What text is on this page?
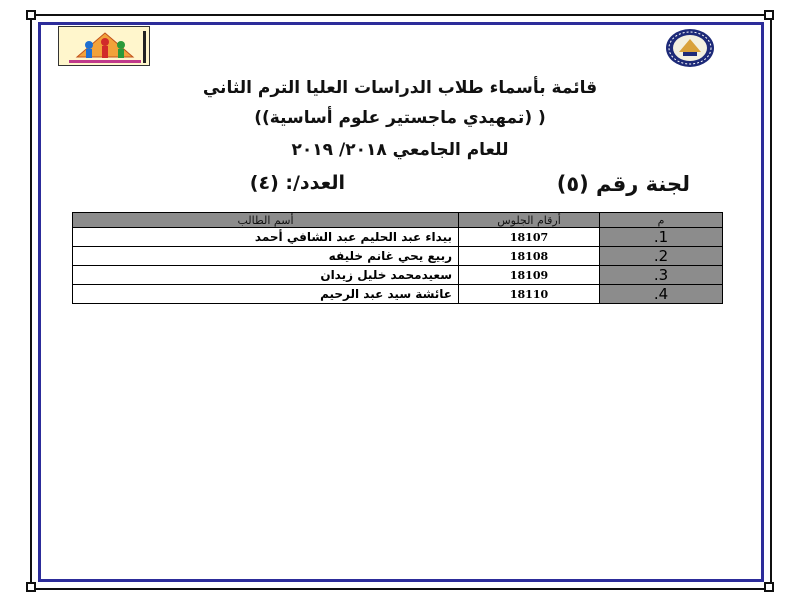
قائمة بأسماء طلاب الدراسات العليا الترم الثاني
( (تمهيدي ماجستير علوم أساسية))
للعام الجامعي ٢٠١٨/ ٢٠١٩
لجنة رقم (٥)
العدد/: (٤)
م	أرقام الجلوس	أسم الطالب
1.	18107	بيداء عبد الحليم عبد الشافي أحمد
2.	18108	ربيع يحي غانم خليفه
3.	18109	سعيدمحمد خليل زيدان
4.	18110	عائشة سيد عبد الرحيم
